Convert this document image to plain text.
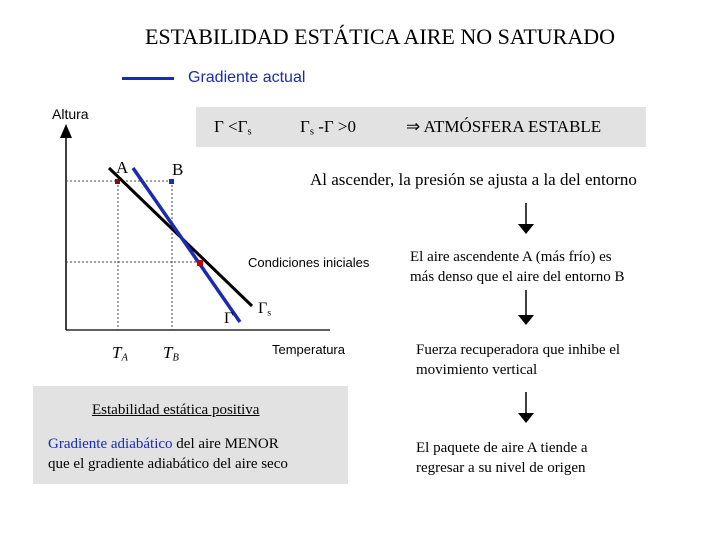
ESTABILIDAD ESTÁTICA AIRE NO SATURADO
Gradiente actual
$\Gamma <\Gamma_s$	$\Gamma_s$ -Γ >0	⇒ ATMÓSFERA ESTABLE
Altura
Temperatura
A	B
Condiciones iniciales
Γ
$\Gamma_s$
$T_A$ $T_B$
Al ascender, la presión se ajusta a la del entorno
El aire ascendente A (más frío) es
más denso que el aire del entorno B
Fuerza recuperadora que inhibe el
movimiento vertical
El paquete de aire A tiende a
regresar a su nivel de origen
Estabilidad estática positiva
Gradiente adiabático del aire MENOR
que el gradiente adiabático del aire seco
